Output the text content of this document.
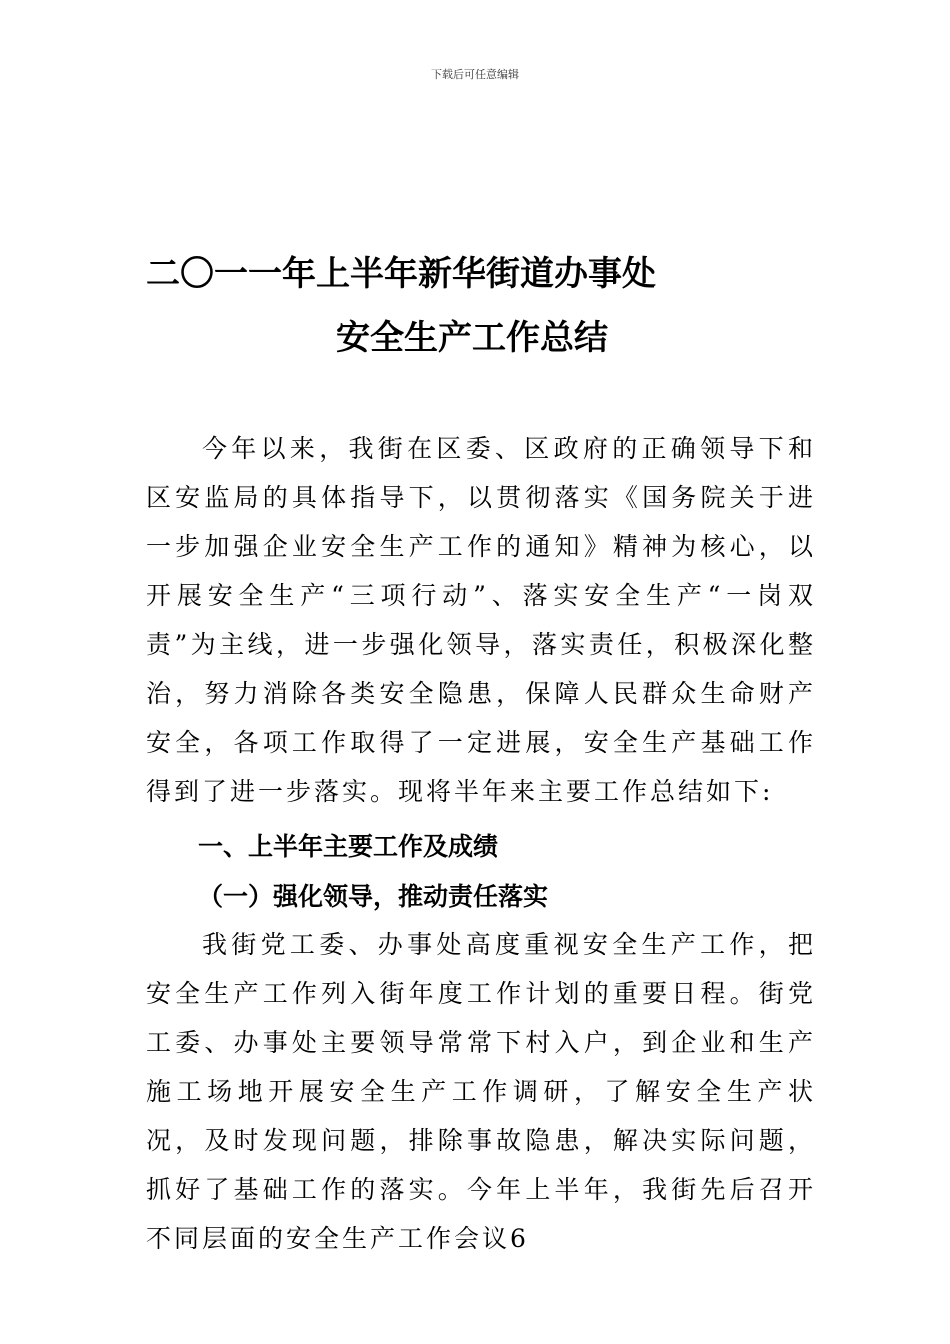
下载后可任意编辑
二〇一一年上半年新华街道办事处
安全生产工作总结
今年以来，我街在区委、区政府的正确领导下和区安监局的具体指导下，以贯彻落实《国务院关于进一步加强企业安全生产工作的通知》精神为核心，以开展安全生产“三项行动”、落实安全生产“一岗双责”为主线，进一步强化领导，落实责任，积极深化整治，努力消除各类安全隐患，保障人民群众生命财产安全，各项工作取得了一定进展，安全生产基础工作得到了进一步落实。现将半年来主要工作总结如下:
一、上半年主要工作及成绩
（一）强化领导，推动责任落实
我街党工委、办事处高度重视安全生产工作，把安全生产工作列入街年度工作计划的重要日程。街党工委、办事处主要领导常常下村入户，到企业和生产施工场地开展安全生产工作调研，了解安全生产状况，及时发现问题，排除事故隐患，解决实际问题，抓好了基础工作的落实。今年上半年，我街先后召开不同层面的安全生产工作会议6
